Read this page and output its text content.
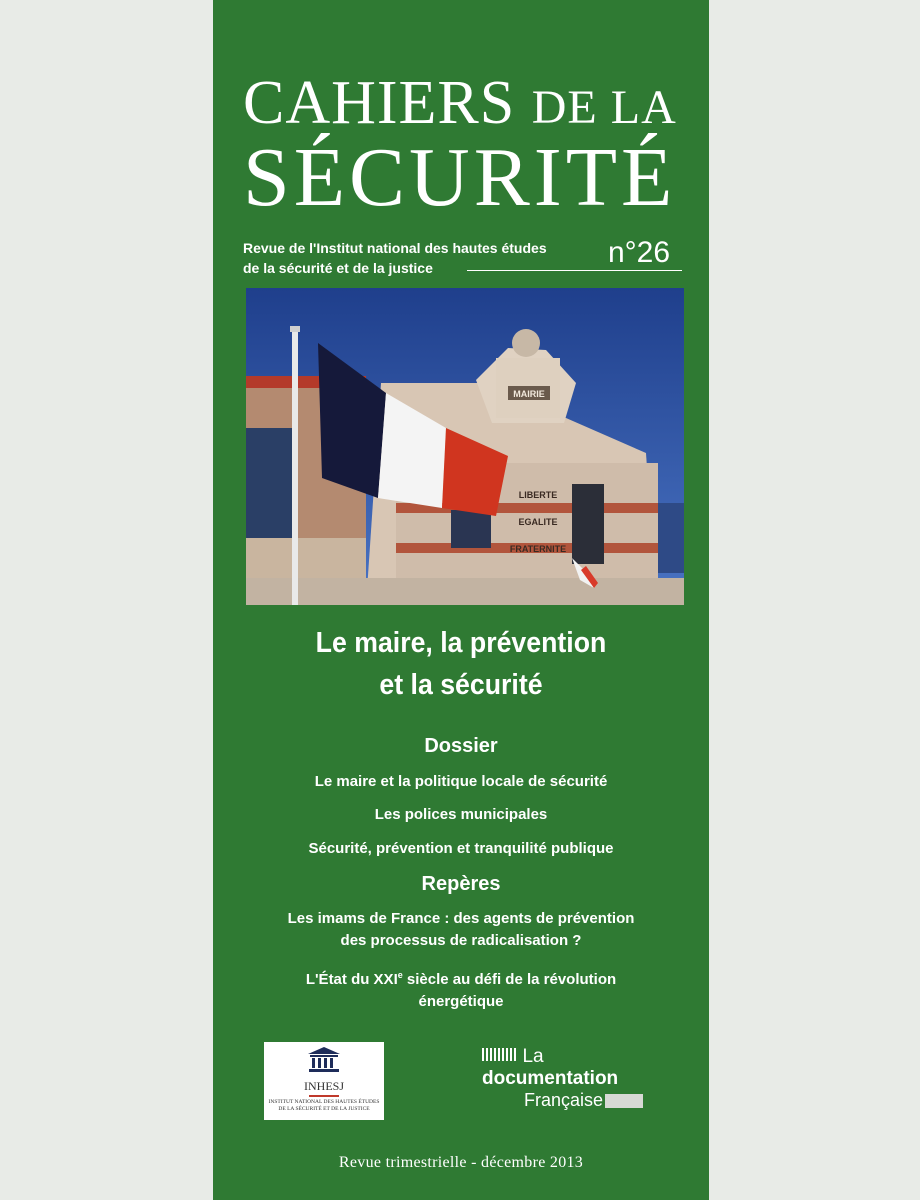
CAHIERS DE LA
SÉCURITÉ
Revue de l'Institut national des hautes études
de la sécurité et de la justice	n°26
MAIRIE
LIBERTE
EGALITE
FRATERNITE
Le maire, la prévention
et la sécurité
Dossier
Le maire et la politique locale de sécurité
Les polices municipales
Sécurité, prévention et tranquilité publique
Repères
Les imams de France : des agents de prévention
des processus de radicalisation ?
L'État du XXIe siècle au défi de la révolution
énergétique
INHESJ
INSTITUT NATIONAL DES HAUTES ÉTUDES
DE LA SÉCURITÉ ET DE LA JUSTICE
La
documentation
Française
Revue trimestrielle - décembre 2013
